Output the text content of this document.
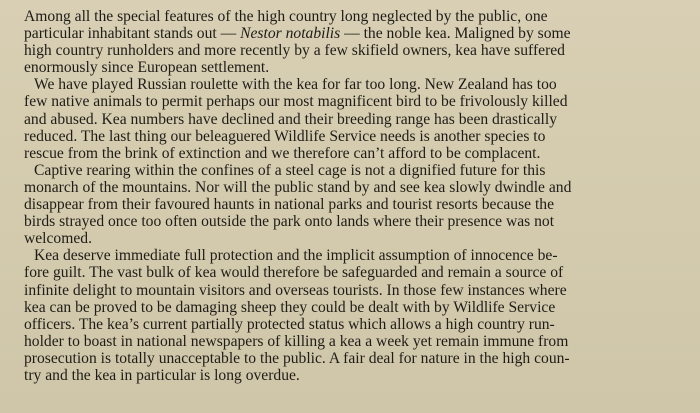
Among all the special features of the high country long neglected by the public, one
particular inhabitant stands out — Nestor notabilis — the noble kea. Maligned by some
high country runholders and more recently by a few skifield owners, kea have suffered
enormously since European settlement.
We have played Russian roulette with the kea for far too long. New Zealand has too
few native animals to permit perhaps our most magnificent bird to be frivolously killed
and abused. Kea numbers have declined and their breeding range has been drastically
reduced. The last thing our beleaguered Wildlife Service needs is another species to
rescue from the brink of extinction and we therefore can’t afford to be complacent.
Captive rearing within the confines of a steel cage is not a dignified future for this
monarch of the mountains. Nor will the public stand by and see kea slowly dwindle and
disappear from their favoured haunts in national parks and tourist resorts because the
birds strayed once too often outside the park onto lands where their presence was not
welcomed.
Kea deserve immediate full protection and the implicit assumption of innocence be-
fore guilt. The vast bulk of kea would therefore be safeguarded and remain a source of
infinite delight to mountain visitors and overseas tourists. In those few instances where
kea can be proved to be damaging sheep they could be dealt with by Wildlife Service
officers. The kea’s current partially protected status which allows a high country run-
holder to boast in national newspapers of killing a kea a week yet remain immune from
prosecution is totally unacceptable to the public. A fair deal for nature in the high coun-
try and the kea in particular is long overdue.
